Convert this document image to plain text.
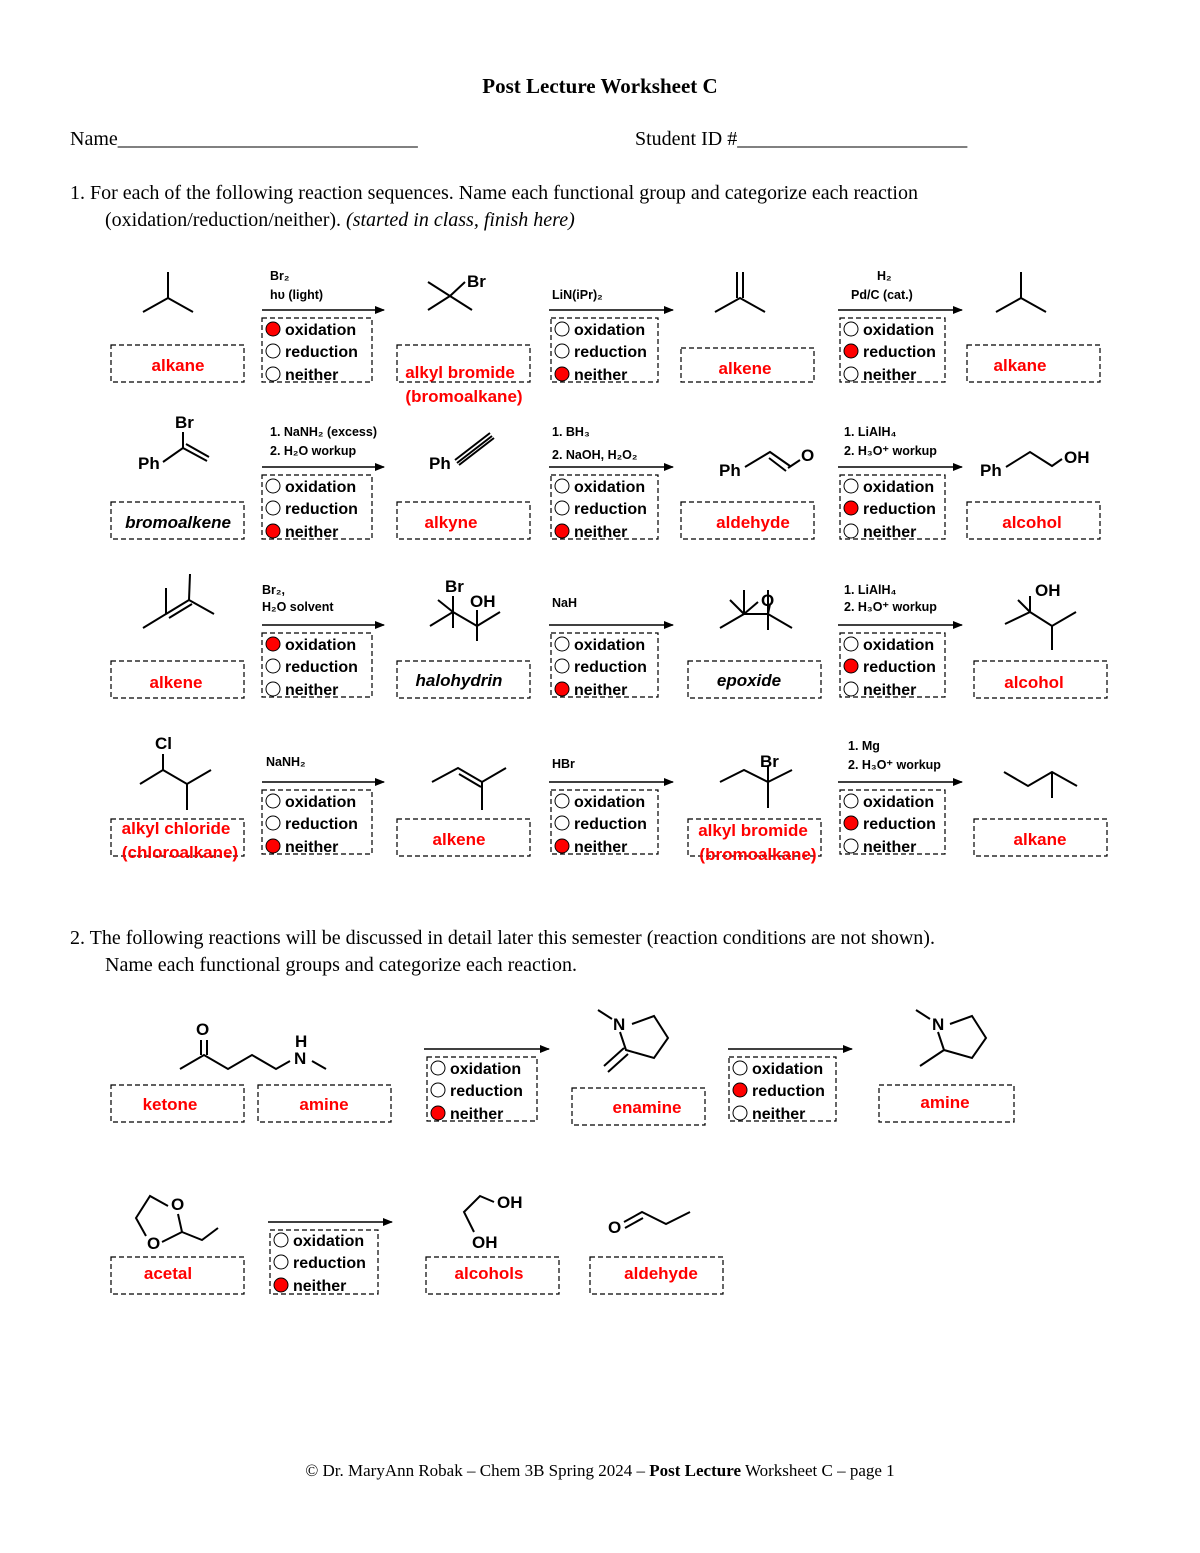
Post Lecture Worksheet C
Name______________________________	Student ID #_______________________
1. For each of the following reaction sequences. Name each functional group and categorize each reaction
(oxidation/reduction/neither). (started in class, finish here)
2. The following reactions will be discussed in detail later this semester (reaction conditions are not shown).
Name each functional groups and categorize each reaction.
alkane
Br₂
hυ (light)
oxidation
reduction
neither
Br
alkyl bromide
(bromoalkane)
LiN(iPr)₂
oxidation
reduction
neither	alkene
H₂
Pd/C (cat.)
oxidation
reduction
neither
alkane
Br
Ph
bromoalkene
1. NaNH₂ (excess)
2. H₂O workup
oxidation
reduction
neither
Ph
alkyne
1. BH₃
2. NaOH, H₂O₂
oxidation
reduction
neither
Ph
O
aldehyde
1. LiAlH₄
2. H₃O⁺ workup
oxidation
reduction
neither
Ph
OH
alcohol
alkene
Br₂,
H₂O solvent
oxidation
reduction
neither
Br
OH
halohydrin
NaH
oxidation
reduction
neither
O
epoxide
1. LiAlH₄
2. H₃O⁺ workup
oxidation
reduction
neither
OH
alcohol
Cl
alkyl chloride
(chloroalkane)
NaNH₂
oxidation
reduction
neither	alkene
HBr
oxidation
reduction
neither
Br
alkyl bromide
(bromoalkane)
1. Mg
2. H₃O⁺ workup
oxidation
reduction
neither	alkane
O
H
N
ketone	amine
oxidation
reduction
neither
N
enamine
oxidation
reduction
neither
N
amine
O
O
acetal
oxidation
reduction
neither
OH
OH
alcohols
O
aldehyde
© Dr. MaryAnn Robak – Chem 3B Spring 2024 – Post Lecture Worksheet C – page 1
